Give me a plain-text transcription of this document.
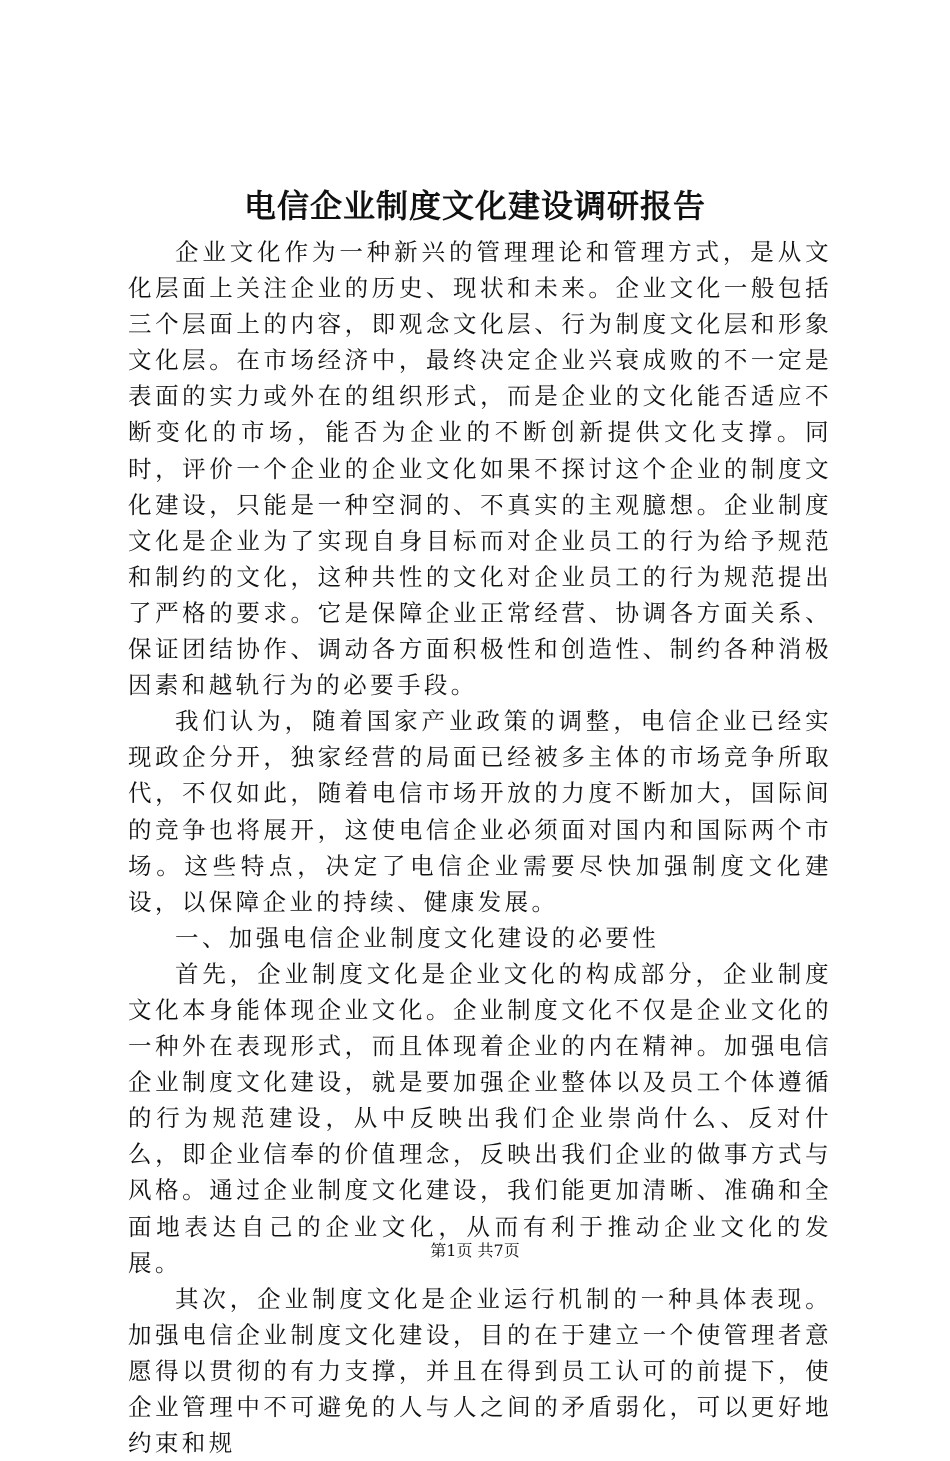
电信企业制度文化建设调研报告

企业文化作为一种新兴的管理理论和管理方式，是从文化层面上关注企业的历史、现状和未来。企业文化一般包括三个层面上的内容，即观念文化层、行为制度文化层和形象文化层。在市场经济中，最终决定企业兴衰成败的不一定是表面的实力或外在的组织形式，而是企业的文化能否适应不断变化的市场，能否为企业的不断创新提供文化支撑。同时，评价一个企业的企业文化如果不探讨这个企业的制度文化建设，只能是一种空洞的、不真实的主观臆想。企业制度文化是企业为了实现自身目标而对企业员工的行为给予规范和制约的文化，这种共性的文化对企业员工的行为规范提出了严格的要求。它是保障企业正常经营、协调各方面关系、保证团结协作、调动各方面积极性和创造性、制约各种消极因素和越轨行为的必要手段。

我们认为，随着国家产业政策的调整，电信企业已经实现政企分开，独家经营的局面已经被多主体的市场竞争所取代，不仅如此，随着电信市场开放的力度不断加大，国际间的竞争也将展开，这使电信企业必须面对国内和国际两个市场。这些特点，决定了电信企业需要尽快加强制度文化建设，以保障企业的持续、健康发展。

一、加强电信企业制度文化建设的必要性

首先，企业制度文化是企业文化的构成部分，企业制度文化本身能体现企业文化。企业制度文化不仅是企业文化的一种外在表现形式，而且体现着企业的内在精神。加强电信企业制度文化建设，就是要加强企业整体以及员工个体遵循的行为规范建设，从中反映出我们企业崇尚什么、反对什么，即企业信奉的价值理念，反映出我们企业的做事方式与风格。通过企业制度文化建设，我们能更加清晰、准确和全面地表达自己的企业文化，从而有利于推动企业文化的发展。

其次，企业制度文化是企业运行机制的一种具体表现。加强电信企业制度文化建设，目的在于建立一个使管理者意愿得以贯彻的有力支撑，并且在得到员工认可的前提下，使企业管理中不可避免的人与人之间的矛盾弱化，可以更好地约束和规

第1页 共7页
